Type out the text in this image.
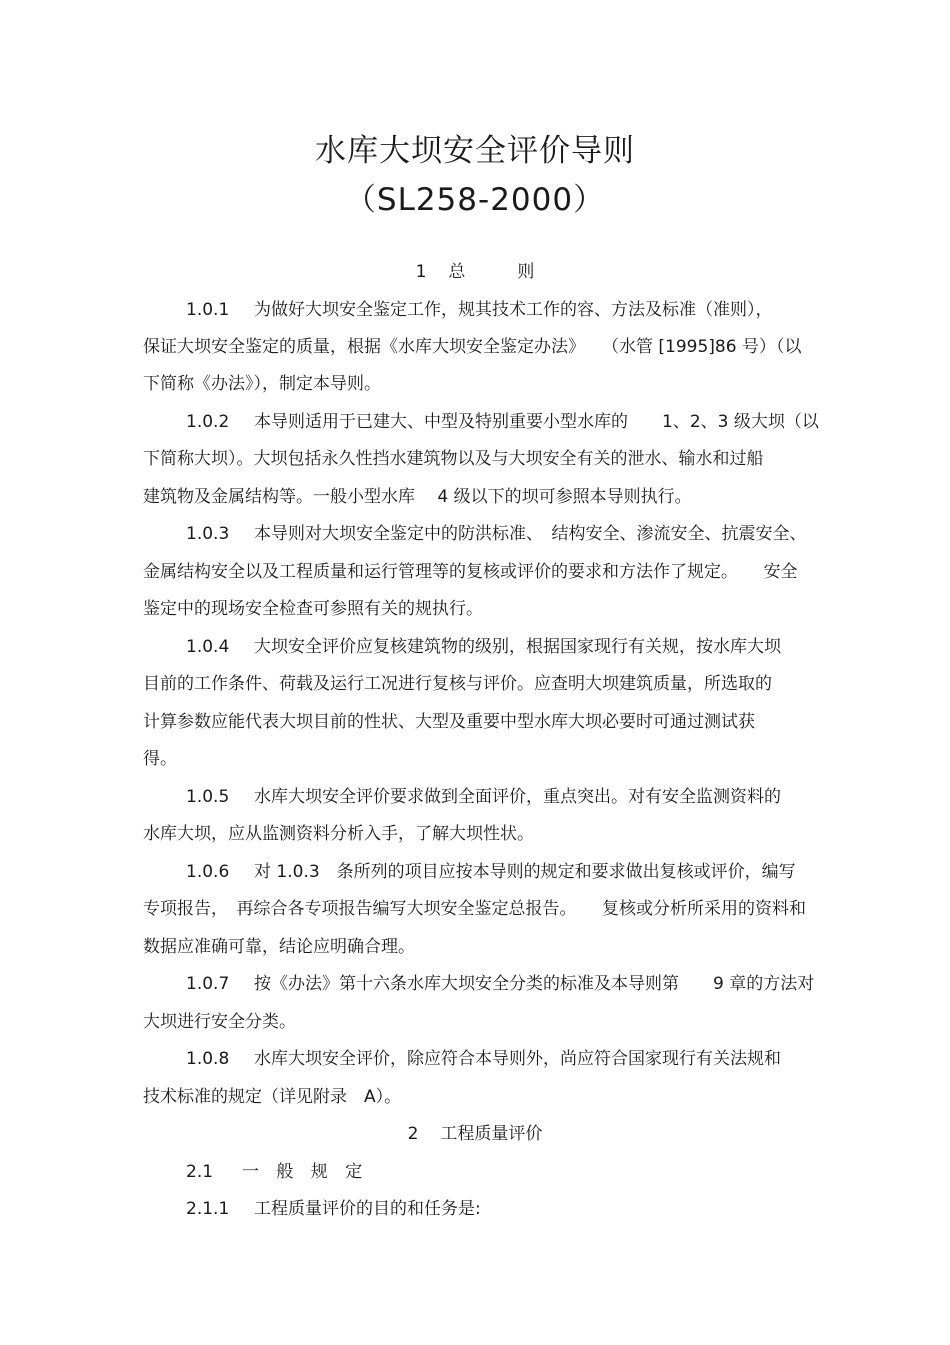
水库大坝安全评价导则
（SL258-2000）
1 总	则
1.0.1 为做好大坝安全鉴定工作，规其技术工作的容、方法及标准（准则），
保证大坝安全鉴定的质量，根据《水库大坝安全鉴定办法》　　（水管 [1995]86 号）（以
下简称《办法》），制定本导则。
1.0.2 本导则适用于已建大、中型及特别重要小型水库的　　1、2、3 级大坝（以
下简称大坝）。大坝包括永久性挡水建筑物以及与大坝安全有关的泄水、输水和过船
建筑物及金属结构等。一般小型水库　 4 级以下的坝可参照本导则执行。
1.0.3 本导则对大坝安全鉴定中的防洪标准、　结构安全、渗流安全、抗震安全、
金属结构安全以及工程质量和运行管理等的复核或评价的要求和方法作了规定。　　安全
鉴定中的现场安全检查可参照有关的规执行。
1.0.4 大坝安全评价应复核建筑物的级别，根据国家现行有关规，按水库大坝
目前的工作条件、荷载及运行工况进行复核与评价。应查明大坝建筑质量，所选取的
计算参数应能代表大坝目前的性状、大型及重要中型水库大坝必要时可通过测试获
得。
1.0.5 水库大坝安全评价要求做到全面评价，重点突出。对有安全监测资料的
水库大坝，应从监测资料分析入手，了解大坝性状。
1.0.6 对 1.0.3　条所列的项目应按本导则的规定和要求做出复核或评价，编写
专项报告，　再综合各专项报告编写大坝安全鉴定总报告。　　复核或分析所采用的资料和
数据应准确可靠，结论应明确合理。
1.0.7 按《办法》第十六条水库大坝安全分类的标准及本导则第　　9 章的方法对
大坝进行安全分类。
1.0.8 水库大坝安全评价，除应符合本导则外，尚应符合国家现行有关法规和
技术标准的规定（详见附录　A）。
2 工程质量评价
2.1 一 般 规 定
2.1.1 工程质量评价的目的和任务是:
